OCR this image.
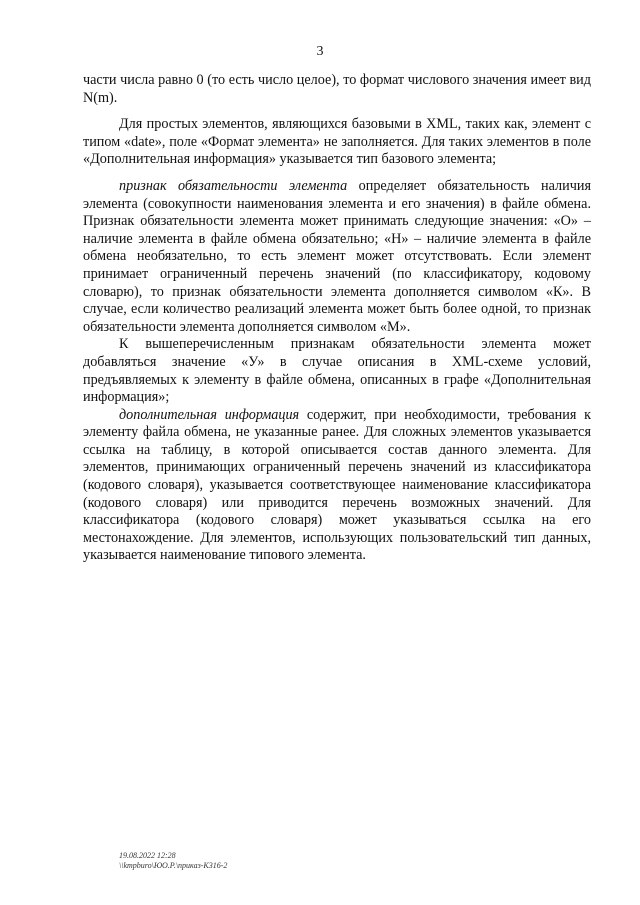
3

части числа равно 0 (то есть число целое), то формат числового значения имеет вид N(m).

Для простых элементов, являющихся базовыми в XML, таких как, элемент с типом «date», поле «Формат элемента» не заполняется. Для таких элементов в поле «Дополнительная информация» указывается тип базового элемента;

признак обязательности элемента определяет обязательность наличия элемента (совокупности наименования элемента и его значения) в файле обмена. Признак обязательности элемента может принимать следующие значения: «О» – наличие элемента в файле обмена обязательно; «Н» – наличие элемента в файле обмена необязательно, то есть элемент может отсутствовать. Если элемент принимает ограниченный перечень значений (по классификатору, кодовому словарю), то признак обязательности элемента дополняется символом «К». В случае, если количество реализаций элемента может быть более одной, то признак обязательности элемента дополняется символом «М».

К вышеперечисленным признакам обязательности элемента может добавляться значение «У» в случае описания в XML-схеме условий, предъявляемых к элементу в файле обмена, описанных в графе «Дополнительная информация»;

дополнительная информация содержит, при необходимости, требования к элементу файла обмена, не указанные ранее. Для сложных элементов указывается ссылка на таблицу, в которой описывается состав данного элемента. Для элементов, принимающих ограниченный перечень значений из классификатора (кодового словаря), указывается соответствующее наименование классификатора (кодового словаря) или приводится перечень возможных значений. Для классификатора (кодового словаря) может указываться ссылка на его местонахождение. Для элементов, использующих пользовательский тип данных, указывается наименование типового элемента.

19.08.2022 12:28
\\kmpburo\ЮО.Р.\приказ-К316-2
